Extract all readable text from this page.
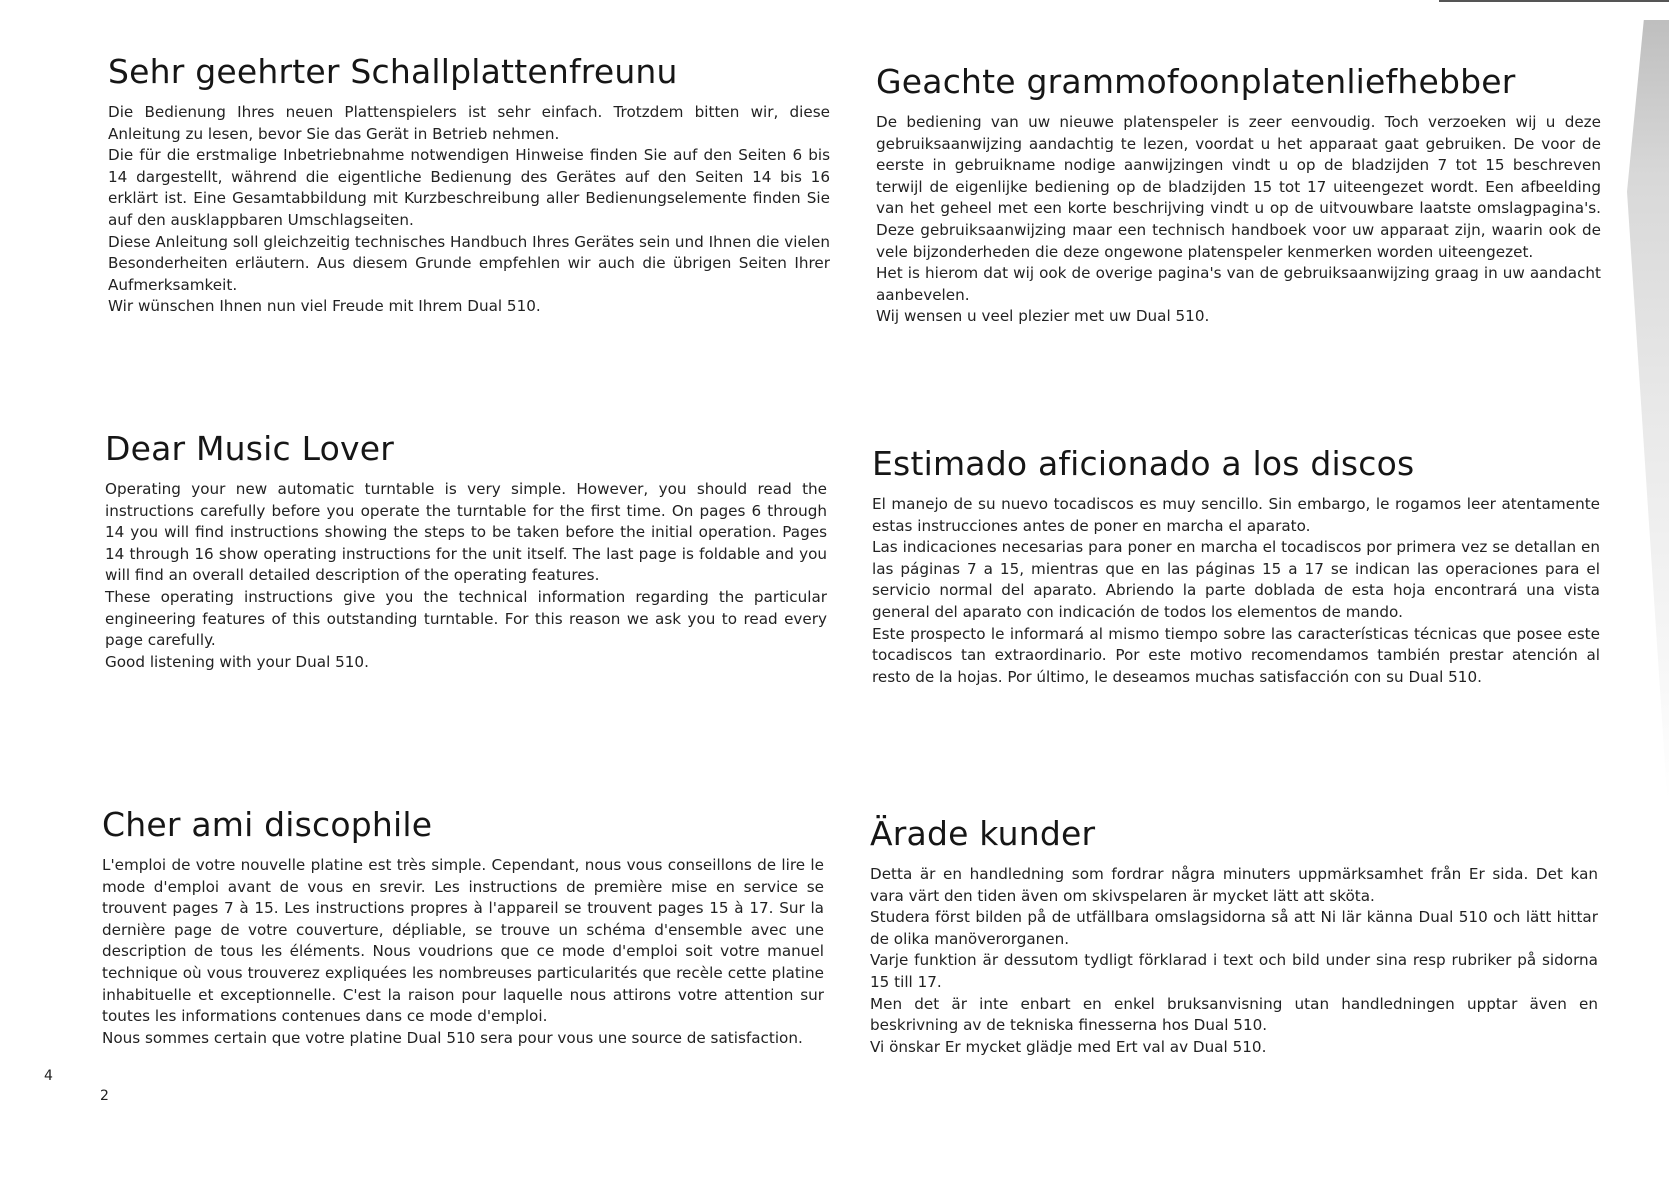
Sehr geehrter Schallplattenfreunu

Die Bedienung Ihres neuen Plattenspielers ist sehr einfach. Trotzdem bitten wir, diese Anleitung zu lesen, bevor Sie das Gerät in Betrieb nehmen.

Die für die erstmalige Inbetriebnahme notwendigen Hinweise finden Sie auf den Seiten 6 bis 14 dargestellt, während die eigentliche Bedienung des Gerätes auf den Seiten 14 bis 16 erklärt ist. Eine Gesamtabbildung mit Kurzbeschreibung aller Bedienungselemente finden Sie auf den ausklappbaren Umschlagseiten.

Diese Anleitung soll gleichzeitig technisches Handbuch Ihres Gerätes sein und Ihnen die vielen Besonderheiten erläutern. Aus diesem Grunde empfehlen wir auch die übrigen Seiten Ihrer Aufmerksamkeit.

Wir wünschen Ihnen nun viel Freude mit Ihrem Dual 510.

Geachte grammofoonplatenliefhebber

De bediening van uw nieuwe platenspeler is zeer eenvoudig. Toch verzoeken wij u deze gebruiksaanwijzing aandachtig te lezen, voordat u het apparaat gaat gebruiken. De voor de eerste in gebruikname nodige aanwijzingen vindt u op de bladzijden 7 tot 15 beschreven terwijl de eigenlijke bediening op de bladzijden 15 tot 17 uiteengezet wordt. Een afbeelding van het geheel met een korte beschrijving vindt u op de uitvouwbare laatste omslagpagina's. Deze gebruiksaanwijzing maar een technisch handboek voor uw apparaat zijn, waarin ook de vele bijzonderheden die deze ongewone platenspeler kenmerken worden uiteengezet.

Het is hierom dat wij ook de overige pagina's van de gebruiksaanwijzing graag in uw aandacht aanbevelen.

Wij wensen u veel plezier met uw Dual 510.

Dear Music Lover

Operating your new automatic turntable is very simple. However, you should read the instructions carefully before you operate the turntable for the first time. On pages 6 through 14 you will find instructions showing the steps to be taken before the initial operation. Pages 14 through 16 show operating instructions for the unit itself. The last page is foldable and you will find an overall detailed description of the operating features.

These operating instructions give you the technical information regarding the particular engineering features of this outstanding turntable. For this reason we ask you to read every page carefully.

Good listening with your Dual 510.

Estimado aficionado a los discos

El manejo de su nuevo tocadiscos es muy sencillo. Sin embargo, le rogamos leer atentamente estas instrucciones antes de poner en marcha el aparato.

Las indicaciones necesarias para poner en marcha el tocadiscos por primera vez se detallan en las páginas 7 a 15, mientras que en las páginas 15 a 17 se indican las operaciones para el servicio normal del aparato. Abriendo la parte doblada de esta hoja encontrará una vista general del aparato con indicación de todos los elementos de mando.

Este prospecto le informará al mismo tiempo sobre las características técnicas que posee este tocadiscos tan extraordinario. Por este motivo recomendamos también prestar atención al resto de la hojas. Por último, le deseamos muchas satisfacción con su Dual 510.

Cher ami discophile

L'emploi de votre nouvelle platine est très simple. Cependant, nous vous conseillons de lire le mode d'emploi avant de vous en srevir. Les instructions de première mise en service se trouvent pages 7 à 15. Les instructions propres à l'appareil se trouvent pages 15 à 17. Sur la dernière page de votre couverture, dépliable, se trouve un schéma d'ensemble avec une description de tous les éléments. Nous voudrions que ce mode d'emploi soit votre manuel technique où vous trouverez expliquées les nombreuses particularités que recèle cette platine inhabituelle et exceptionnelle. C'est la raison pour laquelle nous attirons votre attention sur toutes les informations contenues dans ce mode d'emploi.

Nous sommes certain que votre platine Dual 510 sera pour vous une source de satisfaction.

Ärade kunder

Detta är en handledning som fordrar några minuters uppmärksamhet från Er sida. Det kan vara värt den tiden även om skivspelaren är mycket lätt att sköta.

Studera först bilden på de utfällbara omslagsidorna så att Ni lär känna Dual 510 och lätt hittar de olika manöverorganen.

Varje funktion är dessutom tydligt förklarad i text och bild under sina resp rubriker på sidorna 15 till 17.

Men det är inte enbart en enkel bruksanvisning utan handledningen upptar även en beskrivning av de tekniska finesserna hos Dual 510.

Vi önskar Er mycket glädje med Ert val av Dual 510.

4
2
